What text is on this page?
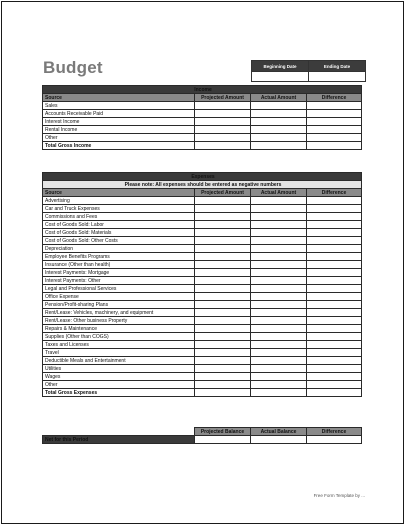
Budget	Beginning Date	Ending Date

Income			
Source	Projected Amount	Actual Amount	Difference
Sales			
Accounts Receivable Paid			
Interest Income			
Rental Income			
Other			
Total Gross Income			
Expenses			
Please note: All expenses should be entered as negative numbers			
Source	Projected Amount	Actual Amount	Difference
Advertising			
Car and Truck Expenses			
Commissions and Fees			
Cost of Goods Sold: Labor			
Cost of Goods Sold: Materials			
Cost of Goods Sold: Other Costs			
Depreciation			
Employee Benefits Programs			
Insurance (Other than health)			
Interest Payments: Mortgage			
Interest Payments: Other			
Legal and Professional Services			
Office Expense			
Pension/Profit-sharing Plans			
Rent/Lease: Vehicles, machinery, and equipment			
Rent/Lease: Other business Property			
Repairs & Maintenance			
Supplies (Other than COGS)			
Taxes and Licenses			
Travel			
Deductible Meals and Entertainment			
Utilities			
Wages			
Other			
Total Gross Expenses			
	Projected Balance	Actual Balance	Difference
Net for this Period			
Free Form Template by ...
